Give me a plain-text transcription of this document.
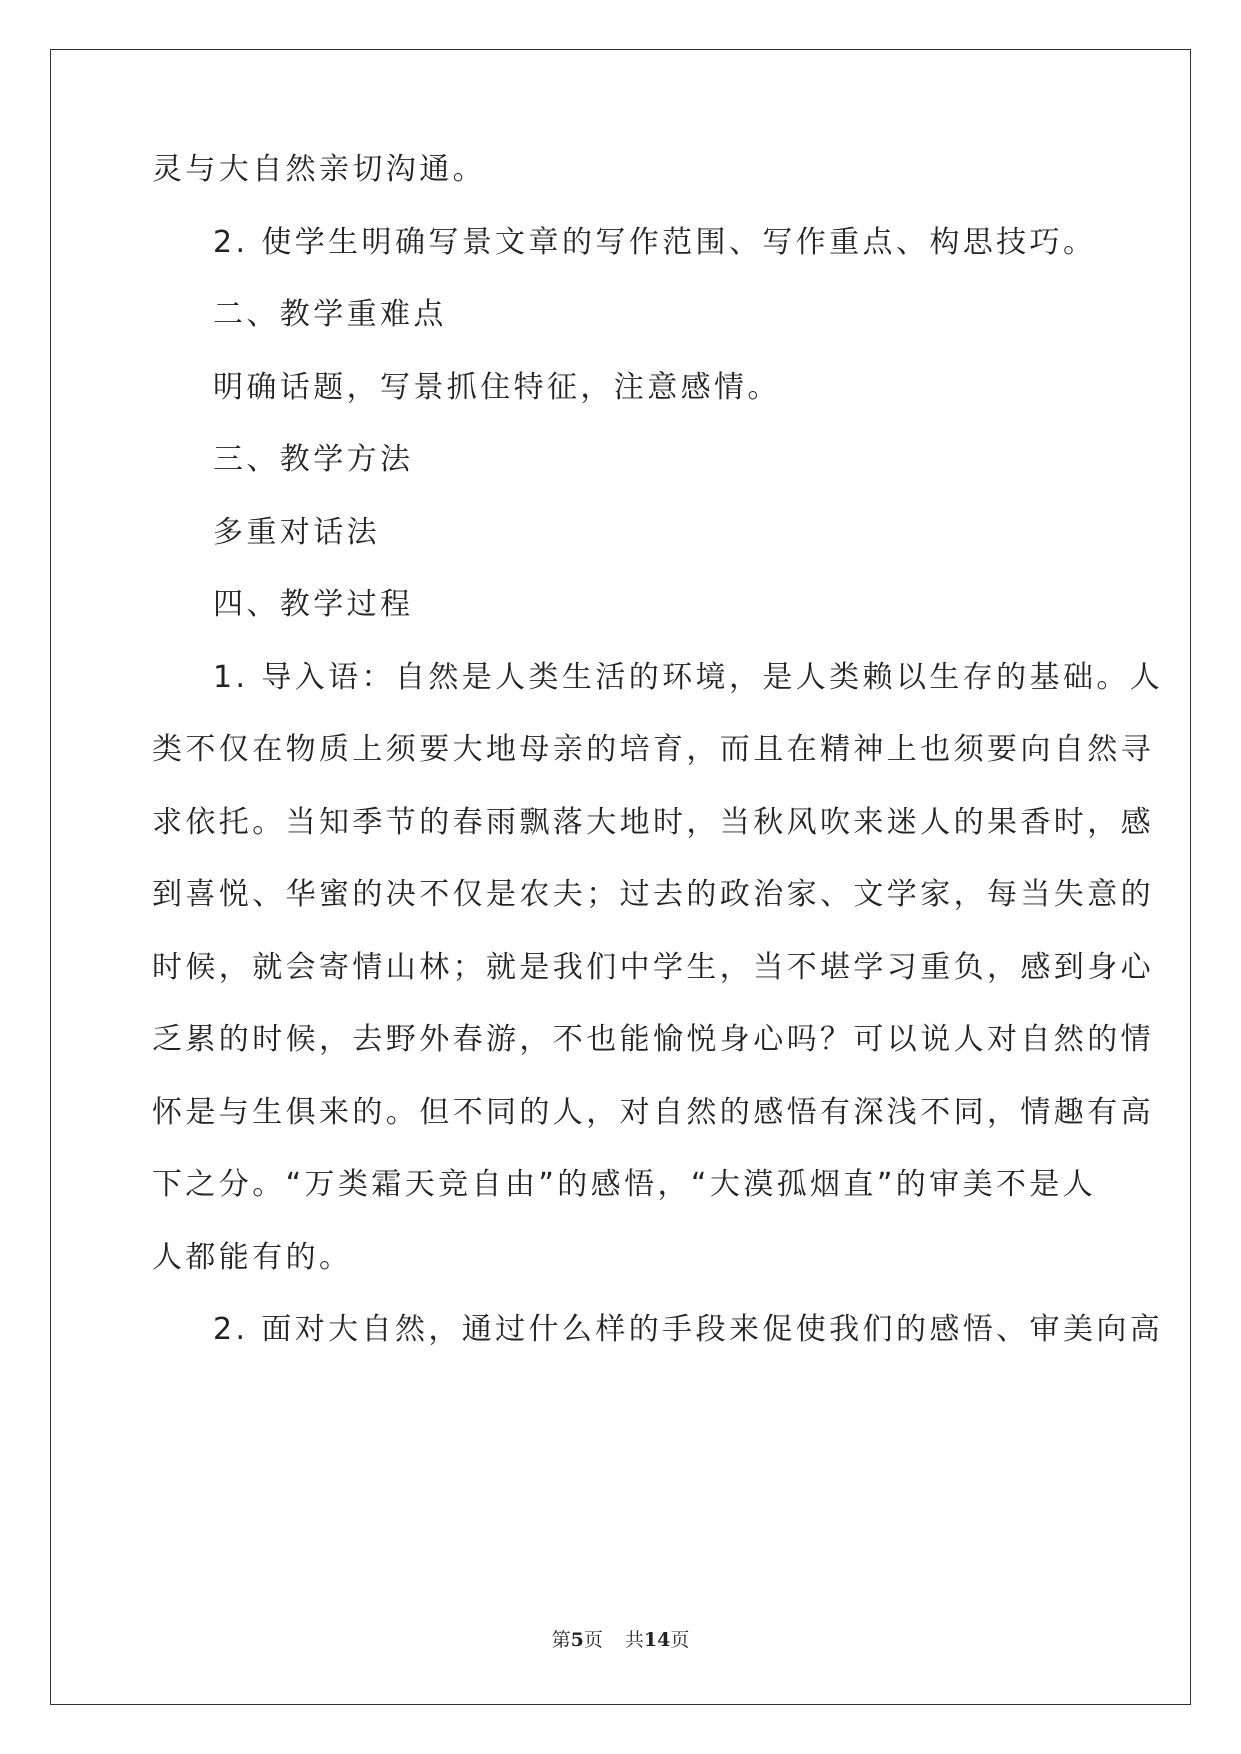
灵与大自然亲切沟通。
2. 使学生明确写景文章的写作范围、写作重点、构思技巧。
二、教学重难点
明确话题，写景抓住特征，注意感情。
三、教学方法
多重对话法
四、教学过程
1. 导入语：自然是人类生活的环境，是人类赖以生存的基础。人
类不仅在物质上须要大地母亲的培育，而且在精神上也须要向自然寻
求依托。当知季节的春雨飘落大地时，当秋风吹来迷人的果香时，感
到喜悦、华蜜的决不仅是农夫；过去的政治家、文学家，每当失意的
时候，就会寄情山林；就是我们中学生，当不堪学习重负，感到身心
乏累的时候，去野外春游，不也能愉悦身心吗？可以说人对自然的情
怀是与生俱来的。但不同的人，对自然的感悟有深浅不同，情趣有高
下之分。“万类霜天竞自由”的感悟，“大漠孤烟直”的审美不是人
人都能有的。
2. 面对大自然，通过什么样的手段来促使我们的感悟、审美向高
第5页 共14页
